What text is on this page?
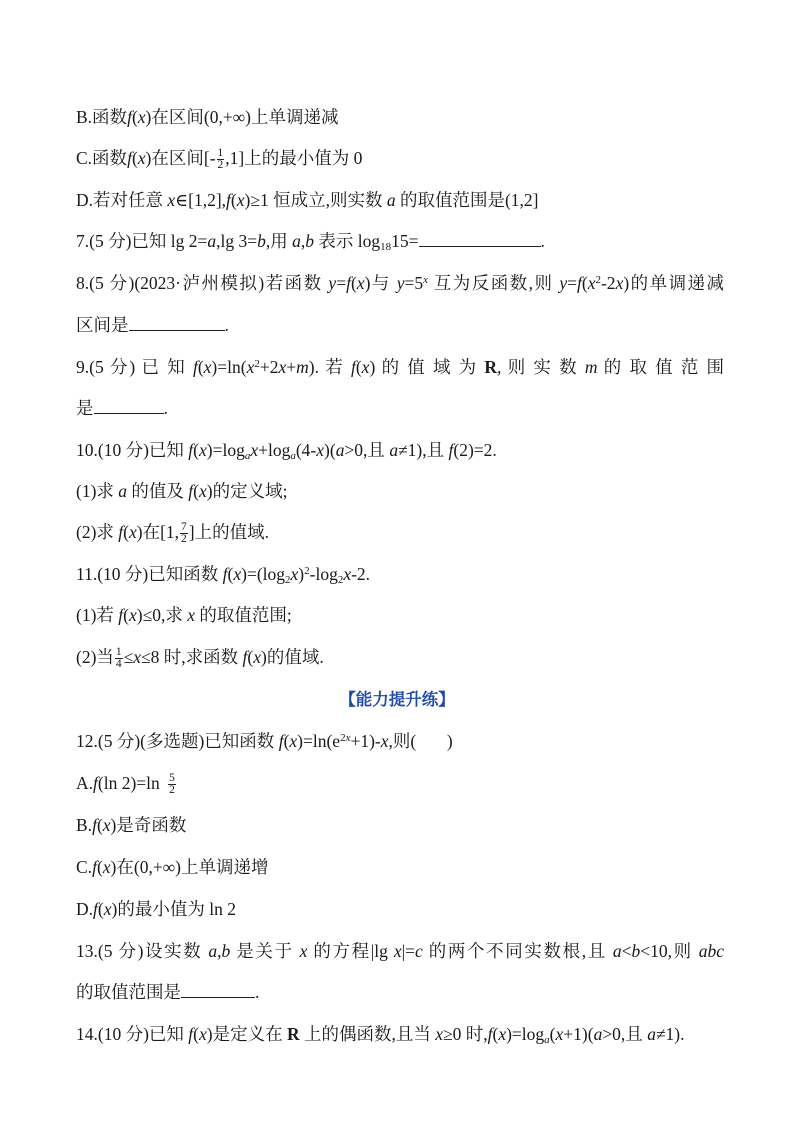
B.函数f(x)在区间(0,+∞)上单调递减
C.函数f(x)在区间[- $\frac{1}{2} ,1$]上的最小值为 0
D.若对任意 x∈[1,2],f(x)≥1 恒成立,则实数 a 的取值范围是(1,2]
7.(5 分)已知 lg 2=a,lg 3=b,用 a,b 表示 $\log_{18}15=$	.
8.(5 分)(2023·泸州模拟)若函数 y=f(x)与 $y=5^x$ 互为反函数,则 $y=f(x^2-2x)$的单调递减
区间是	.
9.(5 分) 已 知 $f(x)=\ln(x^2+2x+m)$. 若 f(x) 的 值 域 为 R, 则 实 数 m 的 取 值 范 围
是	.
10.(10 分)已知 $f(x)=\log_ax+\log_a(4-x)(a>0$,且 a≠1),且 f(2)=2.
(1)求 a 的值及 f(x)的定义域;
(2)求 f(x)在[1, $\frac{7}{2}$ ]上的值域.
11.(10 分)已知函数 $f(x)=(\log_2x)^2-\log_2x-2$.
(1)若 f(x)≤0,求 x 的取值范围;
(2)当 $\frac{1}{4} \le x\le 8$ 时,求函数 f(x)的值域.
【能力提升练】
12.(5 分)(多选题)已知函数 $f(x)=\ln(e^{2x}+1)-x$,则(       )
A.f(ln $2)=\ln \frac{5}{2}$
B.f(x)是奇函数
C.f(x)在(0,+∞)上单调递增
D.f(x)的最小值为 ln 2
13.(5 分)设实数 a,b 是关于 x 的方程|lg x|=c 的两个不同实数根,且 a<b<10,则 abc
的取值范围是	.
14.(10 分)已知 f(x)是定义在 R 上的偶函数,且当 x≥0 时$,f(x)=\log_a(x+1)(a>0$,且 a≠1).
